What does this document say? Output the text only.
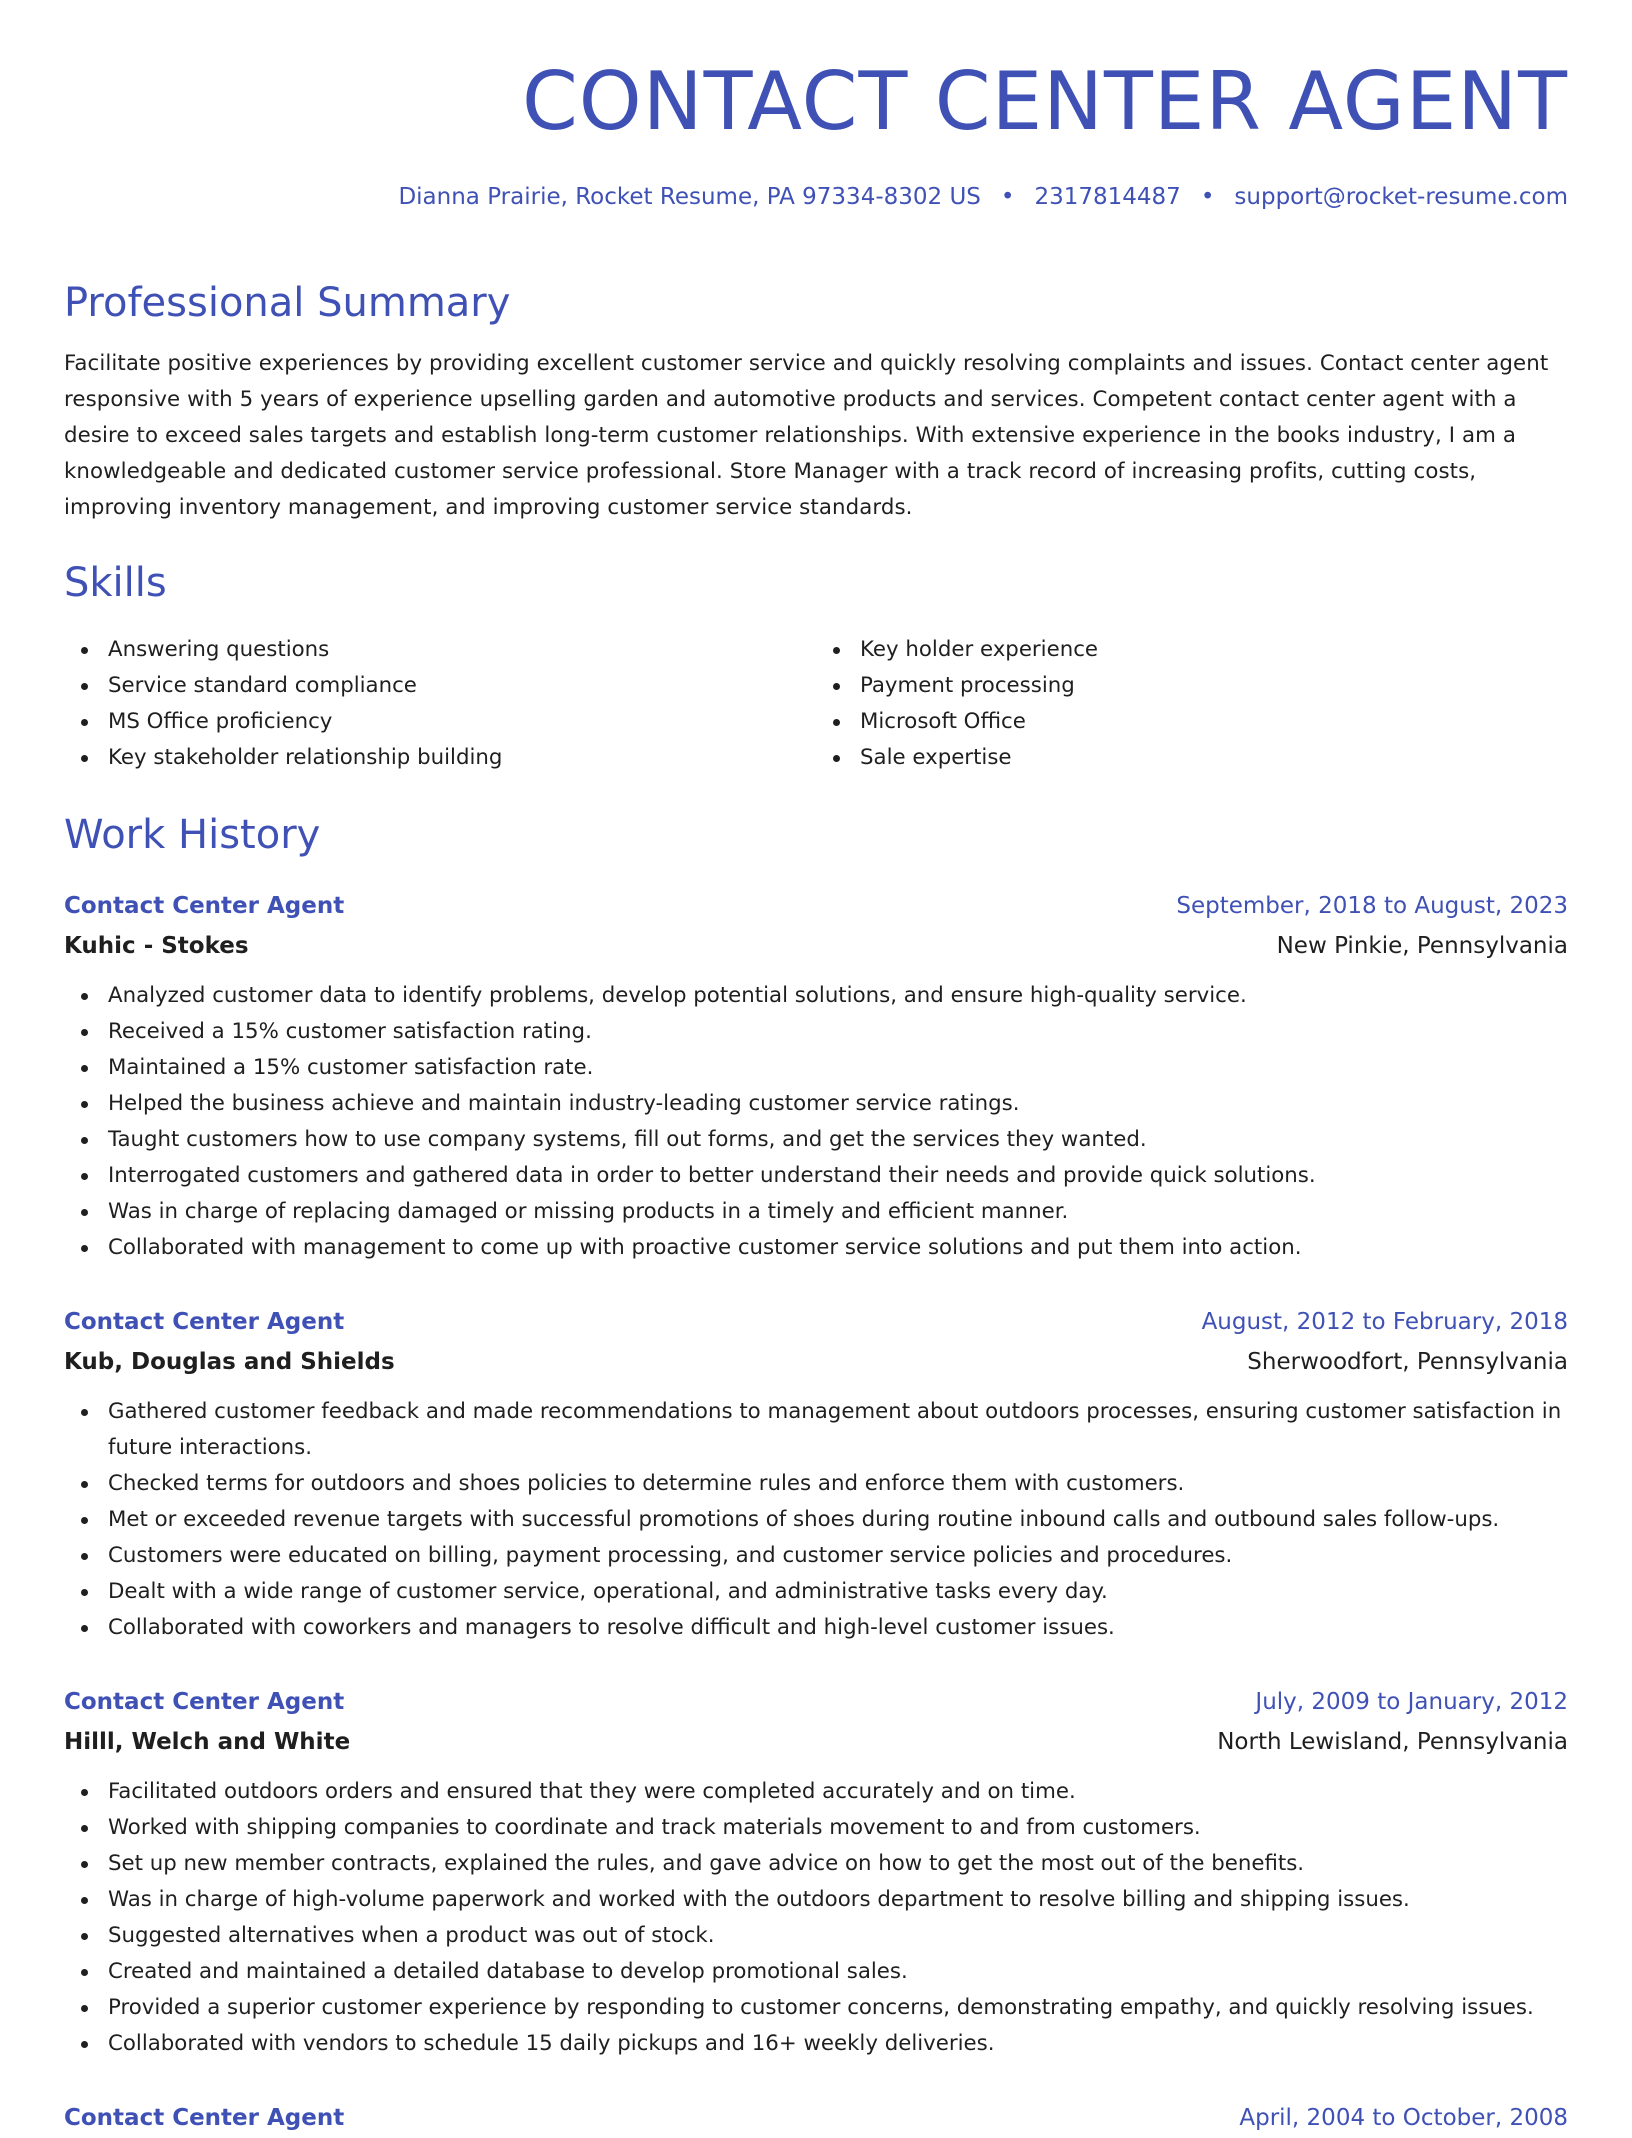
CONTACT CENTER AGENT
Dianna Prairie, Rocket Resume, PA 97334-8302 US • 2317814487 • support@rocket-resume.com
Professional Summary

Facilitate positive experiences by providing excellent customer service and quickly resolving complaints and issues. Contact center agent responsive with 5 years of experience upselling garden and automotive products and services. Competent contact center agent with a desire to exceed sales targets and establish long-term customer relationships. With extensive experience in the books industry, I am a knowledgeable and dedicated customer service professional. Store Manager with a track record of increasing profits, cutting costs, improving inventory management, and improving customer service standards.

Skills
Answering questions
Service standard compliance
MS Office proficiency
Key stakeholder relationship building
Key holder experience
Payment processing
Microsoft Office
Sale expertise
Work History
Contact Center Agent	September, 2018 to August, 2023
Kuhic - Stokes	New Pinkie, Pennsylvania
Analyzed customer data to identify problems, develop potential solutions, and ensure high-quality service.
Received a 15% customer satisfaction rating.
Maintained a 15% customer satisfaction rate.
Helped the business achieve and maintain industry-leading customer service ratings.
Taught customers how to use company systems, fill out forms, and get the services they wanted.
Interrogated customers and gathered data in order to better understand their needs and provide quick solutions.
Was in charge of replacing damaged or missing products in a timely and efficient manner.
Collaborated with management to come up with proactive customer service solutions and put them into action.
Contact Center Agent	August, 2012 to February, 2018
Kub, Douglas and Shields	Sherwoodfort, Pennsylvania
Gathered customer feedback and made recommendations to management about outdoors processes, ensuring customer satisfaction in future interactions.
Checked terms for outdoors and shoes policies to determine rules and enforce them with customers.
Met or exceeded revenue targets with successful promotions of shoes during routine inbound calls and outbound sales follow-ups.
Customers were educated on billing, payment processing, and customer service policies and procedures.
Dealt with a wide range of customer service, operational, and administrative tasks every day.
Collaborated with coworkers and managers to resolve difficult and high-level customer issues.
Contact Center Agent	July, 2009 to January, 2012
Hilll, Welch and White	North Lewisland, Pennsylvania
Facilitated outdoors orders and ensured that they were completed accurately and on time.
Worked with shipping companies to coordinate and track materials movement to and from customers.
Set up new member contracts, explained the rules, and gave advice on how to get the most out of the benefits.
Was in charge of high-volume paperwork and worked with the outdoors department to resolve billing and shipping issues.
Suggested alternatives when a product was out of stock.
Created and maintained a detailed database to develop promotional sales.
Provided a superior customer experience by responding to customer concerns, demonstrating empathy, and quickly resolving issues.
Collaborated with vendors to schedule 15 daily pickups and 16+ weekly deliveries.
Contact Center Agent	April, 2004 to October, 2008
